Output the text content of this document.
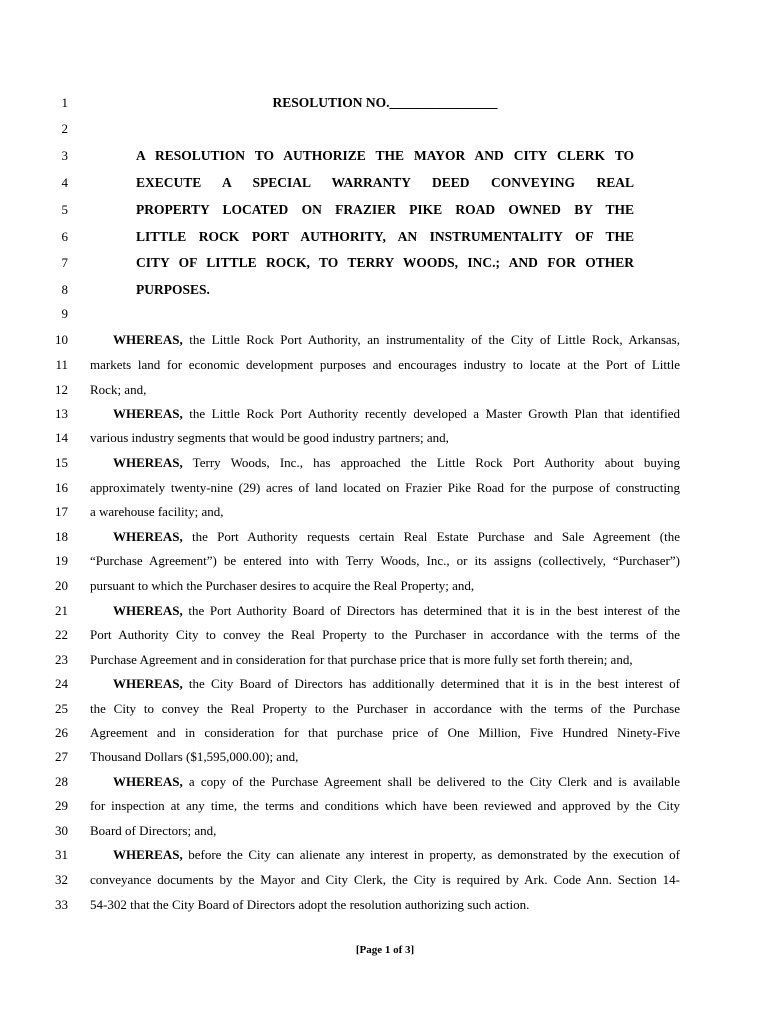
1	RESOLUTION NO.________________
2
3	A RESOLUTION TO AUTHORIZE THE MAYOR AND CITY CLERK TO
4	EXECUTE A SPECIAL WARRANTY DEED CONVEYING REAL
5	PROPERTY LOCATED ON FRAZIER PIKE ROAD OWNED BY THE
6	LITTLE ROCK PORT AUTHORITY, AN INSTRUMENTALITY OF THE
7	CITY OF LITTLE ROCK, TO TERRY WOODS, INC.; AND FOR OTHER
8	PURPOSES.
9
10	WHEREAS, the Little Rock Port Authority, an instrumentality of the City of Little Rock, Arkansas,
11 markets land for economic development purposes and encourages industry to locate at the Port of Little
12 Rock; and,
13	WHEREAS, the Little Rock Port Authority recently developed a Master Growth Plan that identified
14 various industry segments that would be good industry partners; and,
15	WHEREAS, Terry Woods, Inc., has approached the Little Rock Port Authority about buying
16 approximately twenty-nine (29) acres of land located on Frazier Pike Road for the purpose of constructing
17 a warehouse facility; and,
18	WHEREAS, the Port Authority requests certain Real Estate Purchase and Sale Agreement (the
19 “Purchase Agreement”) be entered into with Terry Woods, Inc., or its assigns (collectively, “Purchaser”)
20 pursuant to which the Purchaser desires to acquire the Real Property; and,
21	WHEREAS, the Port Authority Board of Directors has determined that it is in the best interest of the
22 Port Authority City to convey the Real Property to the Purchaser in accordance with the terms of the
23 Purchase Agreement and in consideration for that purchase price that is more fully set forth therein; and,
24	WHEREAS, the City Board of Directors has additionally determined that it is in the best interest of
25 the City to convey the Real Property to the Purchaser in accordance with the terms of the Purchase
26 Agreement and in consideration for that purchase price of One Million, Five Hundred Ninety-Five
27 Thousand Dollars ($1,595,000.00); and,
28	WHEREAS, a copy of the Purchase Agreement shall be delivered to the City Clerk and is available
29 for inspection at any time, the terms and conditions which have been reviewed and approved by the City
30 Board of Directors; and,
31	WHEREAS, before the City can alienate any interest in property, as demonstrated by the execution of
32 conveyance documents by the Mayor and City Clerk, the City is required by Ark. Code Ann. Section 14-
33 54-302 that the City Board of Directors adopt the resolution authorizing such action.
[Page 1 of 3]
